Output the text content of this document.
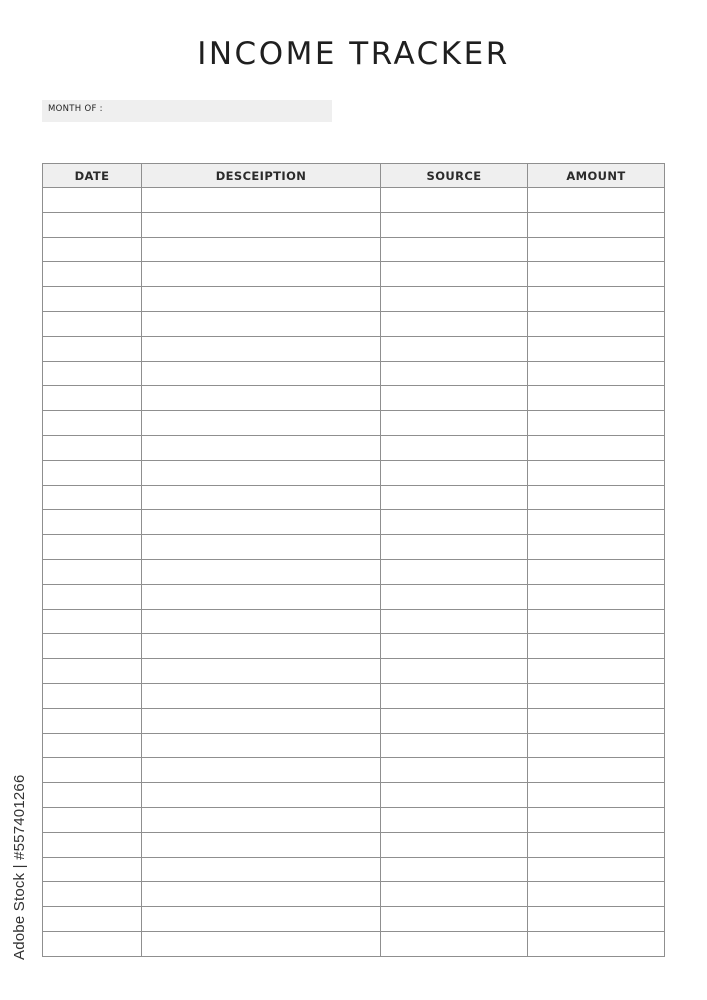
INCOME TRACKER
MONTH OF :
DATE	DESCEIPTION	SOURCE	AMOUNT

Adobe Stock | #557401266
